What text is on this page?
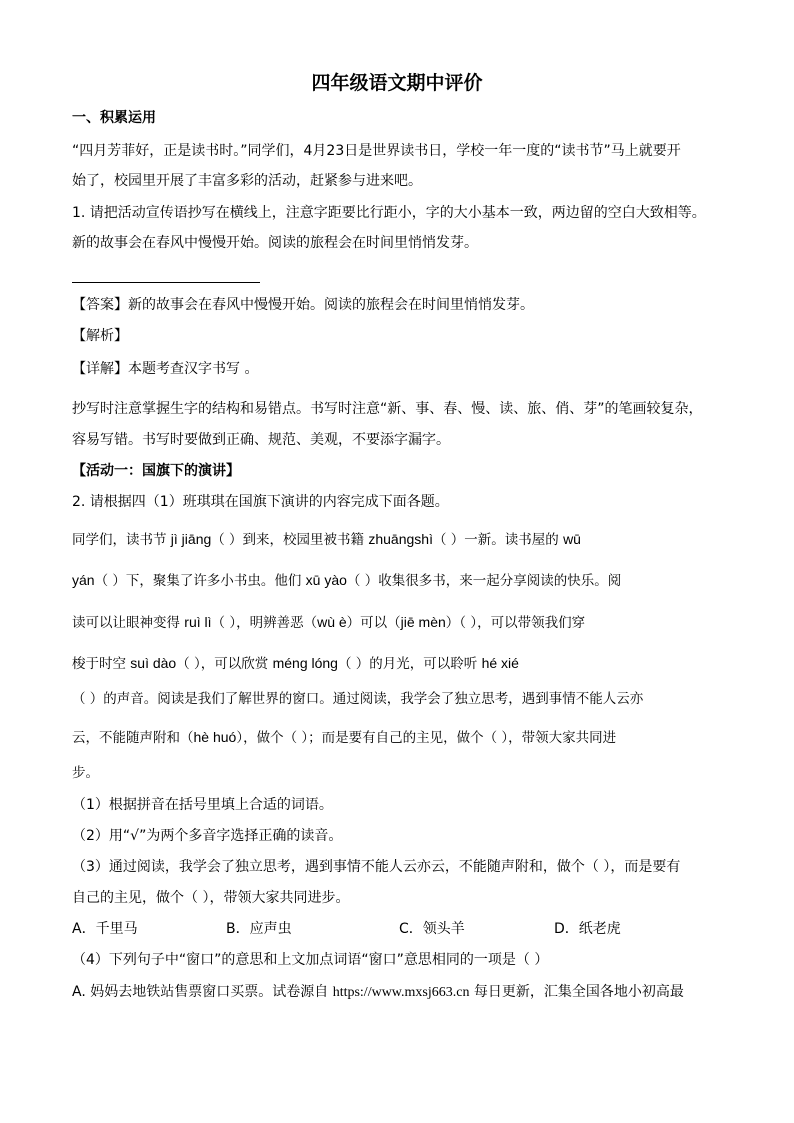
四年级语文期中评价
一、积累运用
“四月芳菲好，正是读书时。”同学们，4月23日是世界读书日，学校一年一度的“读书节”马上就要开
始了，校园里开展了丰富多彩的活动，赶紧参与进来吧。
1. 请把活动宣传语抄写在横线上，注意字距要比行距小，字的大小基本一致，两边留的空白大致相等。
新的故事会在春风中慢慢开始。阅读的旅程会在时间里悄悄发芽。
【答案】新的故事会在春风中慢慢开始。阅读的旅程会在时间里悄悄发芽。
【解析】
【详解】本题考查汉字书写 。
抄写时注意掌握生字的结构和易错点。书写时注意“新、事、春、慢、读、旅、俏、芽”的笔画较复杂，
容易写错。书写时要做到正确、规范、美观，不要添字漏字。
【活动一：国旗下的演讲】
2. 请根据四（1）班琪琪在国旗下演讲的内容完成下面各题。
同学们，读书节 jì jiāng（ ）到来，校园里被书籍 zhuāngshì（ ）一新。读书屋的 wū
yán（ ）下，聚集了许多小书虫。他们 xū yào（ ）收集很多书，来一起分享阅读的快乐。阅
读可以让眼神变得 ruì lì（ ），明辨善恶（wù è）可以（jiē mèn）（ ），可以带领我们穿
梭于时空 suì dào（ ），可以欣赏 méng lóng（ ）的月光，可以聆听 hé xié
（ ）的声音。阅读是我们了解世界的窗口。通过阅读，我学会了独立思考，遇到事情不能人云亦
云，不能随声附和（hè huó），做个（ ）；而是要有自己的主见，做个（ ），带领大家共同进
步。
（1）根据拼音在括号里填上合适的词语。
（2）用“√”为两个多音字选择正确的读音。
（3）通过阅读，我学会了独立思考，遇到事情不能人云亦云，不能随声附和，做个（ ），而是要有
自己的主见，做个（ ），带领大家共同进步。
A．千里马	B．应声虫	C．领头羊	D．纸老虎
（4）下列句子中“窗口”的意思和上文加点词语“窗口”意思相同的一项是（ ）
A. 妈妈去地铁站售票窗口买票。试卷源自 https://www.mxsj663.cn 每日更新，汇集全国各地小初高最
